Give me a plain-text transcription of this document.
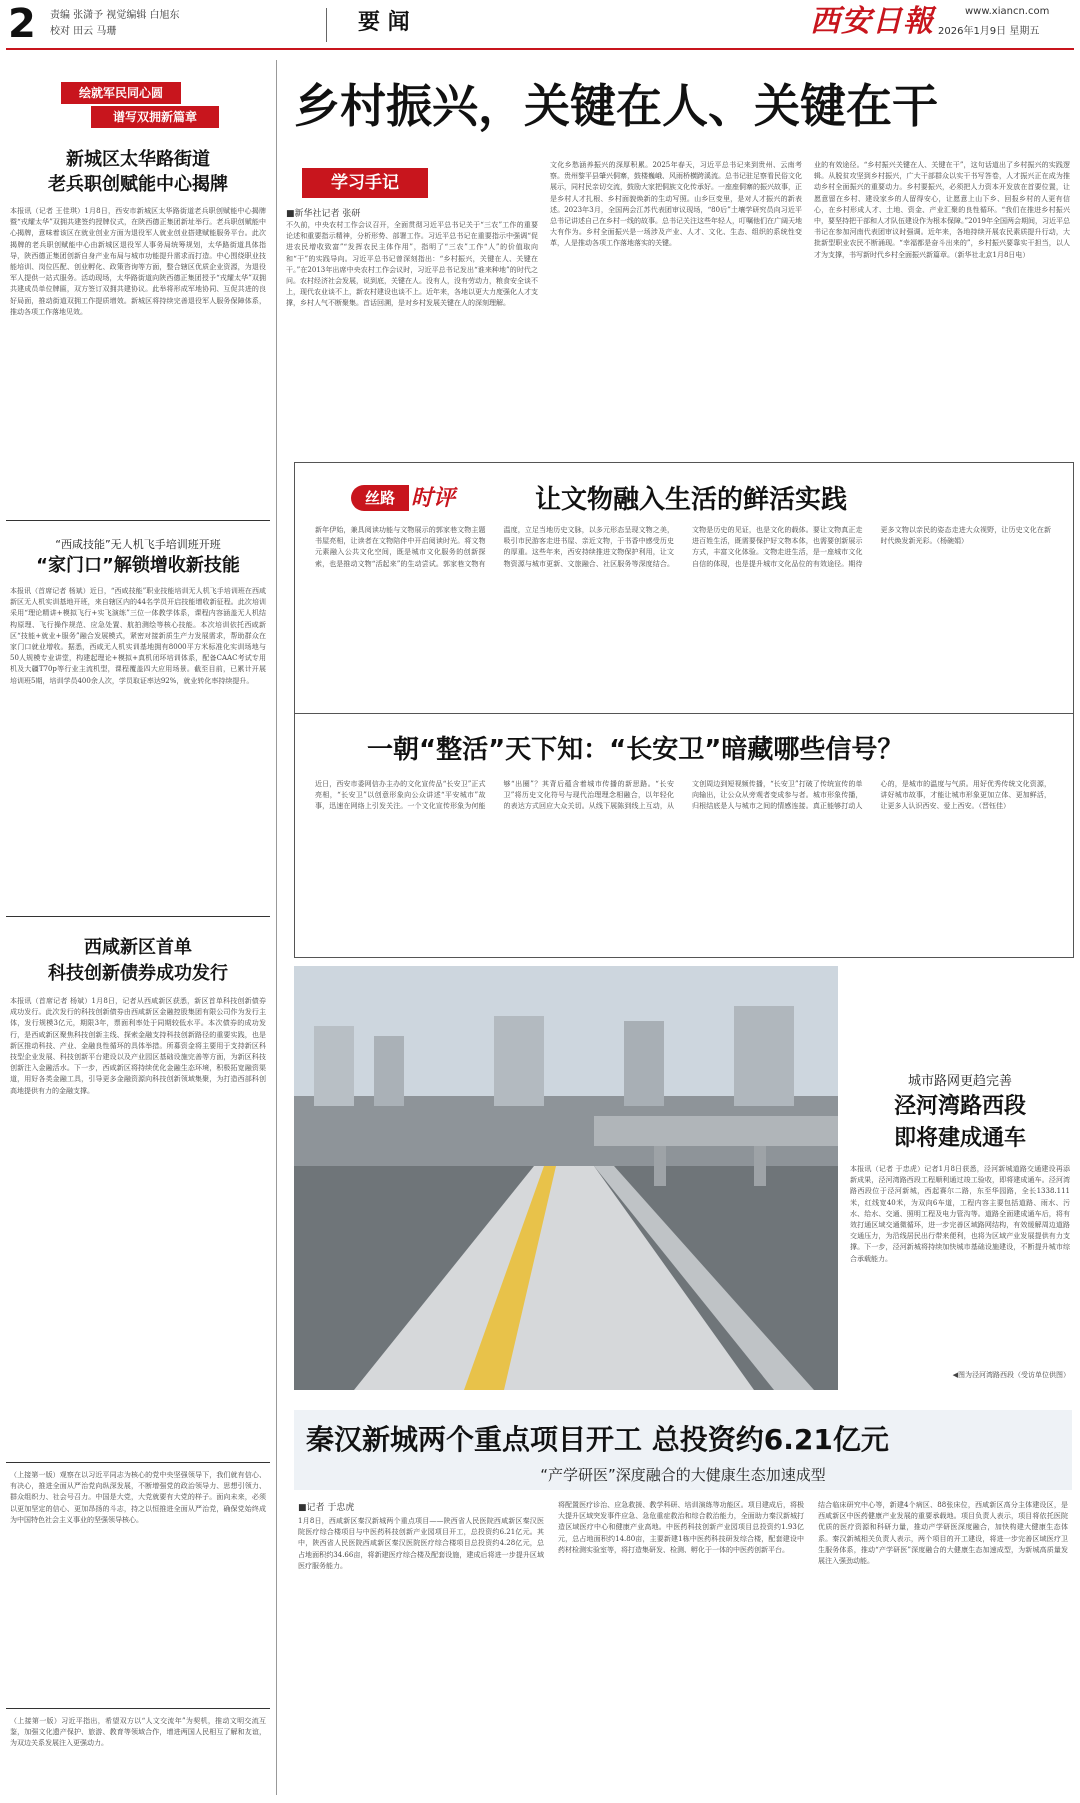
2 责编 张潇予 视觉编辑 白旭东
校对 田云 马珊	要 闻	西安日報	www.xiancn.com
2026年1月9日 星期五
绘就军民同心圆
谱写双拥新篇章
新城区太华路街道
老兵职创赋能中心揭牌
本报讯（记者 王佳琪）1月8日，西安市新城区太华路街道老兵职创赋能中心揭牌暨“戎耀太华”双拥共建签约授牌仪式，在陕西德正集团新址举行。老兵职创赋能中心揭牌，意味着该区在就业创业方面为退役军人就业创业搭建赋能服务平台。此次揭牌的老兵职创赋能中心由新城区退役军人事务局统筹规划，太华路街道具体指导，陕西德正集团创新自身产业布局与城市功能提升需求而打造。中心围绕职业技能培训、岗位匹配、创业孵化、政策咨询等方面，整合辖区优质企业资源，为退役军人提供一站式服务。活动现场，太华路街道向陕西德正集团授予“戎耀太华”双拥共建成员单位牌匾，双方签订双拥共建协议。此举将形成军地协同、互促共进的良好局面，推动街道双拥工作提质增效。新城区将持续完善退役军人服务保障体系，推动各项工作落地见效。
“西咸技能”无人机飞手培训班开班
“家门口”解锁增收新技能
本报讯（首席记者 杨斌）近日，“西咸技能”职业技能培训无人机飞手培训班在西咸新区无人机实训基地开班，来自辖区内的44名学员开启技能增收新征程。此次培训采用“理论精讲+模拟飞行+实飞演练”三位一体教学体系，课程内容涵盖无人机结构原理、飞行操作规范、应急处置、航拍测绘等核心技能。本次培训依托西咸新区“技能+就业+服务”融合发展模式，紧密对接新质生产力发展需求，帮助群众在家门口就业增收。据悉，西咸无人机实训基地拥有8000平方米标准化实训场地与50人规模专业讲堂，构建起理论+模拟+真机闭环培训体系，配备CAAC考试专用机及大疆T70p等行业主流机型，课程覆盖四大应用场景。截至目前，已累计开展培训班5期，培训学员400余人次，学员取证率达92%，就业转化率持续提升。
西咸新区首单
科技创新债券成功发行
本报讯（首席记者 杨斌）1月8日，记者从西咸新区获悉，新区首单科技创新债券成功发行。此次发行的科技创新债券由西咸新区金融控股集团有限公司作为发行主体，发行规模3亿元，期限3年，票面利率处于同期较低水平。本次债券的成功发行，是西咸新区聚焦科技创新主线、探索金融支持科技创新路径的重要实践，也是新区推动科技、产业、金融良性循环的具体举措。所募资金将主要用于支持新区科技型企业发展、科技创新平台建设以及产业园区基础设施完善等方面，为新区科技创新注入金融活水。下一步，西咸新区将持续优化金融生态环境，积极拓宽融资渠道，用好各类金融工具，引导更多金融资源向科技创新领域集聚，为打造西部科创高地提供有力的金融支撑。
（上接第一版）观察在以习近平同志为核心的党中央坚强领导下，我们就有信心、有决心，推进全面从严治党向纵深发展，不断增强党的政治领导力、思想引领力、群众组织力、社会号召力。中国是大党，大党就要有大党的样子。面向未来，必须以更加坚定的信心、更加昂扬的斗志，持之以恒推进全面从严治党，确保党始终成为中国特色社会主义事业的坚强领导核心。
（上接第一版）习近平指出，希望双方以“人文交流年”为契机，推动文明交流互鉴，加强文化遗产保护、旅游、教育等领域合作，增进两国人民相互了解和友谊，为双边关系发展注入更强动力。
乡村振兴，关键在人、关键在干
学习手记
■新华社记者 张研
不久前，中央农村工作会议召开，全面贯彻习近平总书记关于“三农”工作的重要论述和重要指示精神，分析形势、部署工作。习近平总书记在重要指示中强调“促进农民增收致富”“发挥农民主体作用”，指明了“三农”工作“人”的价值取向和“干”的实践导向。习近平总书记曾深刻指出：“乡村振兴，关键在人、关键在干。”在2013年出席中央农村工作会议时，习近平总书记发出“谁来种地”的时代之问。农村经济社会发展，说到底，关键在人。没有人，没有劳动力，粮食安全谈不上，现代农业谈不上，新农村建设也谈不上。近年来，各地以更大力度强化人才支撑，乡村人气不断聚集。首话回溯，是对乡村发展关键在人的深刻理解。
文化乡愁涵养振兴的深厚积累。2025年春天，习近平总书记来到贵州、云南考察。贵州黎平县肇兴侗寨，鼓楼巍峨、风雨桥横跨溪流。总书记驻足察看民俗文化展示，同村民亲切交流，鼓励大家把侗族文化传承好。一座座侗寨的振兴故事，正是乡村人才扎根、乡村面貌焕新的生动写照。山乡巨变里，是对人才振兴的新表述。2023年3月，全国两会江苏代表团审议现场，“80后”土壤学研究员向习近平总书记讲述自己在乡村一线的故事。总书记关注这些年轻人，叮嘱他们在广阔天地大有作为。乡村全面振兴是一场涉及产业、人才、文化、生态、组织的系统性变革，人是推动各项工作落地落实的关键。
业的有效途径。“乡村振兴关键在人、关键在干”，这句话道出了乡村振兴的实践逻辑。从脱贫攻坚到乡村振兴，广大干部群众以实干书写答卷，人才振兴正在成为推动乡村全面振兴的重要动力。乡村要振兴，必须把人力资本开发放在首要位置，让愿意留在乡村、建设家乡的人留得安心，让愿意上山下乡、回报乡村的人更有信心，在乡村形成人才、土地、资金、产业汇聚的良性循环。“我们在推进乡村振兴中，要坚持把干部和人才队伍建设作为根本保障。”2019年全国两会期间，习近平总书记在参加河南代表团审议时强调。近年来，各地持续开展农民素质提升行动，大批新型职业农民不断涌现。“幸福都是奋斗出来的”，乡村振兴要靠实干担当，以人才为支撑，书写新时代乡村全面振兴新篇章。（新华社北京1月8日电）
丝路 时评	让文物融入生活的鲜活实践
新年伊始，兼具阅读功能与文物展示的郭家巷文物主题书屋亮相，让读者在文物陪伴中开启阅读时光。将文物元素融入公共文化空间，既是城市文化服务的创新探索，也是推动文物“活起来”的生动尝试。郭家巷文物有温度，立足当地历史文脉，以多元形态呈现文物之美，吸引市民游客走进书屋、亲近文物，于书香中感受历史的厚重。这些年来，西安持续推进文物保护利用，让文物资源与城市更新、文旅融合、社区服务等深度结合。文物是历史的见证，也是文化的载体。要让文物真正走进百姓生活，既需要保护好文物本体，也需要创新展示方式，丰富文化体验。文物走进生活，是一座城市文化自信的体现，也是提升城市文化品位的有效途径。期待更多文物以亲民的姿态走进大众视野，让历史文化在新时代焕发新光彩。（杨碗娟）
一朝“整活”天下知：“长安卫”暗藏哪些信号？
近日，西安市委网信办主办的文化宣传品“长安卫”正式亮相，“长安卫”以创意形象向公众讲述“平安城市”故事，迅速在网络上引发关注。一个文化宣传形象为何能够“出圈”？其背后蕴含着城市传播的新思路。“长安卫”将历史文化符号与现代治理理念相融合，以年轻化的表达方式回应大众关切。从线下展陈到线上互动，从文创周边到短视频传播，“长安卫”打破了传统宣传的单向输出，让公众从旁观者变成参与者。城市形象传播，归根结底是人与城市之间的情感连接。真正能够打动人心的，是城市的温度与气质。用好优秀传统文化资源，讲好城市故事，才能让城市形象更加立体、更加鲜活，让更多人认识西安、爱上西安。（晋钰佳）
城市路网更趋完善
泾河湾路西段
即将建成通车
本报讯（记者 于忠虎）记者1月8日获悉，泾河新城道路交通建设再添新成果，泾河湾路西段工程顺利通过竣工验收，即将建成通车。泾河湾路西段位于泾河新城，西起赛尔二路，东至华园路，全长1338.111米，红线宽40米，为双向6车道，工程内容主要包括道路、雨水、污水、给水、交通、照明工程及电力管沟等。道路全面建成通车后，将有效打通区域交通微循环，进一步完善区域路网结构，有效缓解周边道路交通压力，为沿线居民出行带来便利，也将为区域产业发展提供有力支撑。下一步，泾河新城将持续加快城市基础设施建设，不断提升城市综合承载能力。
◀图为泾河湾路西段（受访单位供图）
秦汉新城两个重点项目开工 总投资约6.21亿元
“产学研医”深度融合的大健康生态加速成型
■记者 于忠虎
1月8日，西咸新区秦汉新城两个重点项目——陕西省人民医院西咸新区秦汉医院医疗综合楼项目与中医药科技创新产业园项目开工，总投资约6.21亿元。其中，陕西省人民医院西咸新区秦汉医院医疗综合楼项目总投资约4.28亿元，总占地面积约34.66亩，将新建医疗综合楼及配套设施，建成后将进一步提升区域医疗服务能力。
将配置医疗诊治、应急救援、教学科研、培训演练等功能区。项目建成后，将极大提升区域突发事件应急、急危重症救治和综合救治能力，全面助力秦汉新城打造区域医疗中心和健康产业高地。中医药科技创新产业园项目总投资约1.93亿元，总占地面积约14.80亩，主要新建1栋中医药科技研发综合楼，配套建设中药材检测实验室等，将打造集研发、检测、孵化于一体的中医药创新平台。
结合临床研究中心等，新建4个病区、88张床位，西咸新区高分主体建设区，是西咸新区中医药健康产业发展的重要承载地。项目负责人表示，项目将依托医院优质的医疗资源和科研力量，推动产学研医深度融合，加快构建大健康生态体系。秦汉新城相关负责人表示，两个项目的开工建设，将进一步完善区域医疗卫生服务体系，推动“产学研医”深度融合的大健康生态加速成型，为新城高质量发展注入强劲动能。
